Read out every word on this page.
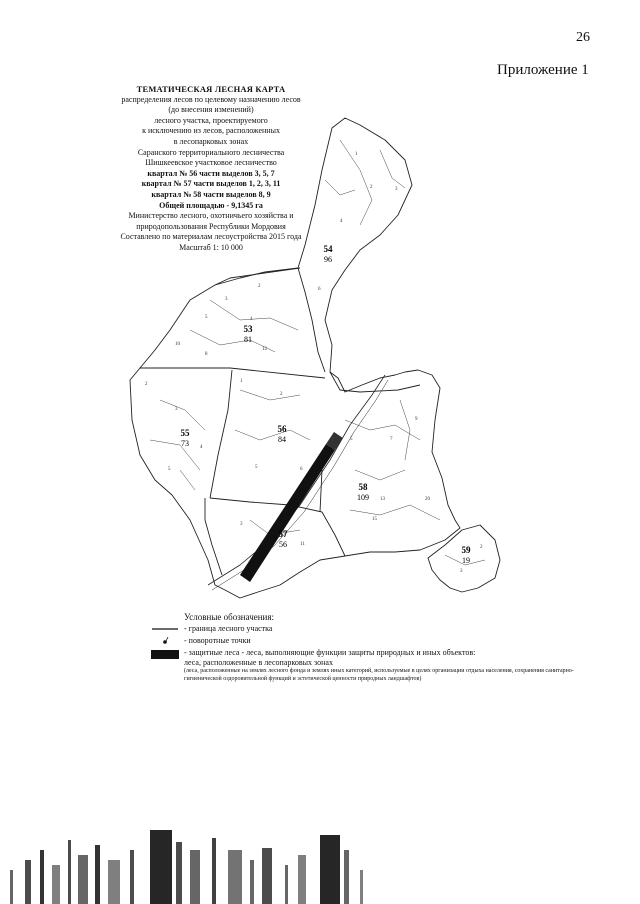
26
Приложение 1
ТЕМАТИЧЕСКАЯ ЛЕСНАЯ КАРТА
распределения лесов по целевому назначению лесов
(до внесения изменений)
лесного участка, проектируемого
к исключению из лесов, расположенных
в лесопарковых зонах
Саранского территориального лесничества
Шишкеевское участковое лесничество
квартал № 56 части выделов 3, 5, 7
квартал № 57 части выделов 1, 2, 3, 11
квартал № 58 части выделов 8, 9
Общей площадью - 9,1345 га
Министерство лесного, охотничьего хозяйства и
природопользования Республики Мордовия
Составлено по материалам лесоустройства 2015 года
Масштаб 1: 10 000
1
2	3
4
6
2
3
4
5
10
8
12
2
3
5
4
1
2
5	6
3
11
5	7
9
13	20
15
3
2
54
96
53
81
55
73
56
84
57
56
58
109
59
19
Условные обозначения:
- граница лесного участка
- поворотные точки
- защитные леса - леса, выполняющие функции защиты природных и иных объектов:
леса, расположенные в лесопарковых зонах
(леса, расположенные на землях лесного фонда и землях иных категорий, используемые в целях организации отдыха населения, сохранения санитарно-гигиенической оздоровительной функций и эстетической ценности природных ландшафтов)
